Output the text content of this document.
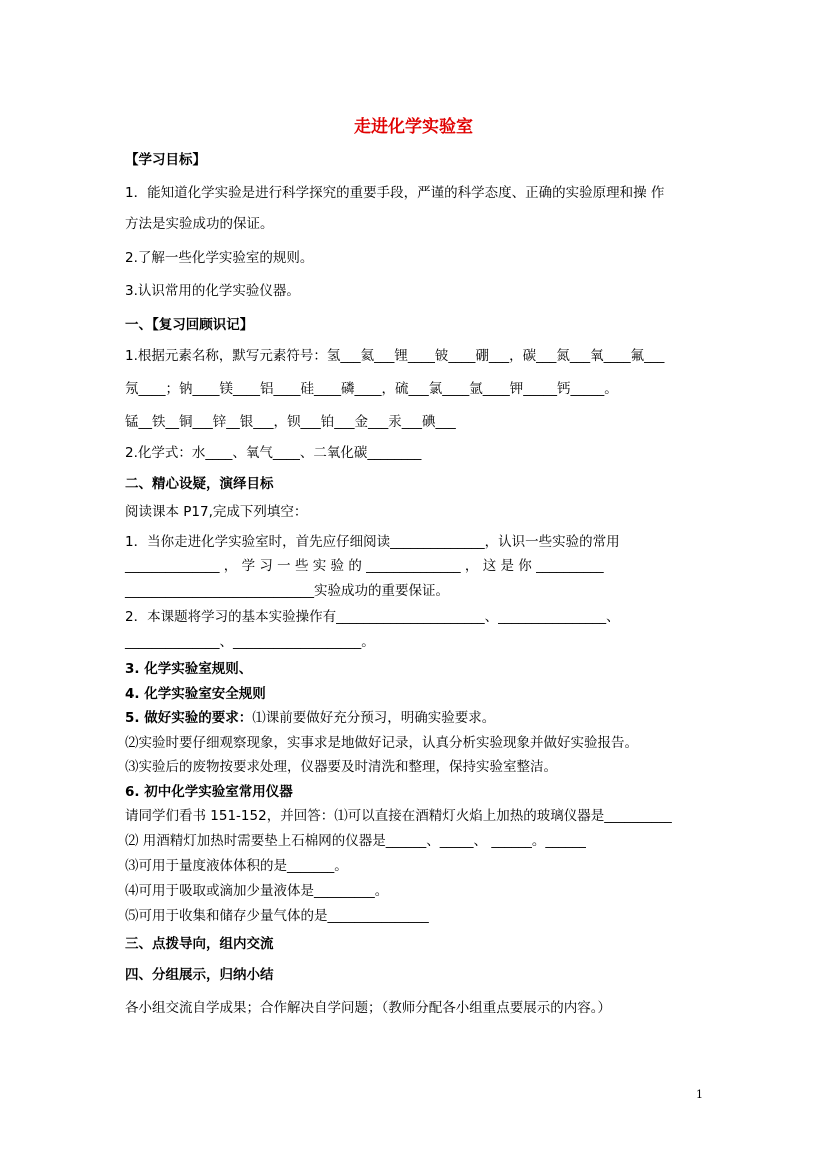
走进化学实验室
【学习目标】
1．能知道化学实验是进行科学探究的重要手段，严谨的科学态度、正确的实验原理和操 作
方法是实验成功的保证。
2.了解一些化学实验室的规则。
3.认识常用的化学实验仪器。
一、【复习回顾识记】
1.根据元素名称，默写元素符号：氢___氦___锂____铍____硼___，碳___氮___氧____氟___
氖____；钠____镁____铝____硅____磷____，硫___氯____氩____钾_____钙_____。
锰__铁__铜___锌__银___，钡___铂___金___汞___碘___
2.化学式：水____、氧气____、二氧化碳________
二、精心设疑，演绎目标
阅读课本 P17,完成下列填空：
1．当你走进化学实验室时，首先应仔细阅读______________，认识一些实验的常用
______________ ， 学 习 一 些 实 验 的 ______________ ， 这 是 你 __________
____________________________实验成功的重要保证。
2．本课题将学习的基本实验操作有______________________、________________、
______________、___________________。
3. 化学实验室规则、
4. 化学实验室安全规则
5. 做好实验的要求：⑴课前要做好充分预习，明确实验要求。
⑵实验时要仔细观察现象，实事求是地做好记录，认真分析实验现象并做好实验报告。
⑶实验后的废物按要求处理，仪器要及时清洗和整理，保持实验室整洁。
6. 初中化学实验室常用仪器
请同学们看书 151-152，并回答：⑴可以直接在酒精灯火焰上加热的玻璃仪器是__________
⑵ 用酒精灯加热时需要垫上石棉网的仪器是______、_____、 ______。______
⑶可用于量度液体体积的是_______。
⑷可用于吸取或滴加少量液体是_________。
⑸可用于收集和储存少量气体的是_______________
三、点拨导向，组内交流
四、分组展示，归纳小结
各小组交流自学成果；合作解决自学问题；（教师分配各小组重点要展示的内容。）
1
